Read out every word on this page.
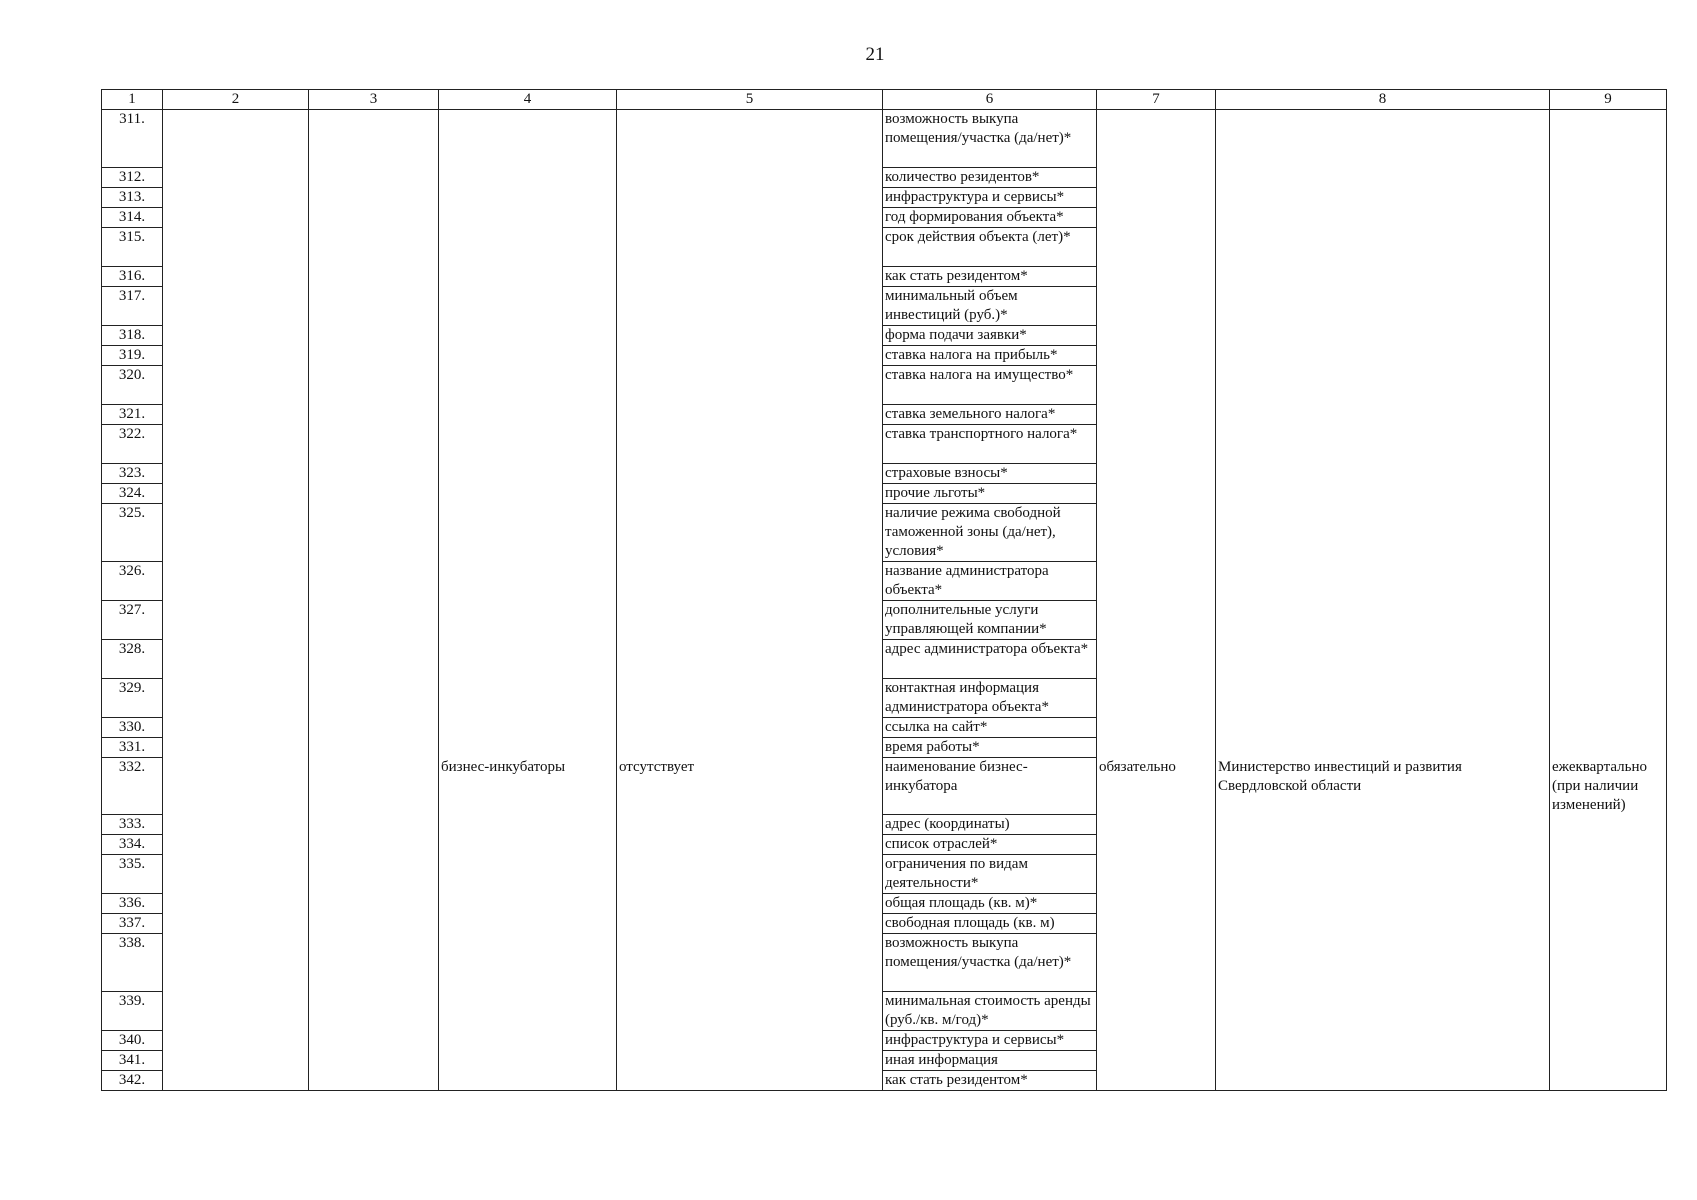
21
1	2	3	4	5	6	7	8	9
311.					возможность выкупа помещения/участка (да/нет)*			
312.					количество резидентов*			
313.					инфраструктура и сервисы*			
314.					год формирования объекта*			
315.					срок действия объекта (лет)*			
316.					как стать резидентом*			
317.					минимальный объем инвестиций (руб.)*			
318.					форма подачи заявки*			
319.					ставка налога на прибыль*			
320.					ставка налога на имущество*			
321.					ставка земельного налога*			
322.					ставка транспортного налога*			
323.					страховые взносы*			
324.					прочие льготы*			
325.					наличие режима свободной таможенной зоны (да/нет), условия*			
326.					название администратора объекта*			
327.					дополнительные услуги управляющей компании*			
328.					адрес администратора объекта*			
329.					контактная информация администратора объекта*			
330.					ссылка на сайт*			
331.					время работы*			
332.			бизнес-инкубаторы	отсутствует	наименование бизнес-инкубатора	обязательно	Министерство инвестиций и развития Свердловской области	ежеквартально (при наличии изменений)
333.					адрес (координаты)			
334.					список отраслей*			
335.					ограничения по видам деятельности*			
336.					общая площадь (кв. м)*			
337.					свободная площадь (кв. м)			
338.					возможность выкупа помещения/участка (да/нет)*			
339.					минимальная стоимость аренды (руб./кв. м/год)*			
340.					инфраструктура и сервисы*			
341.					иная информация			
342.					как стать резидентом*			
